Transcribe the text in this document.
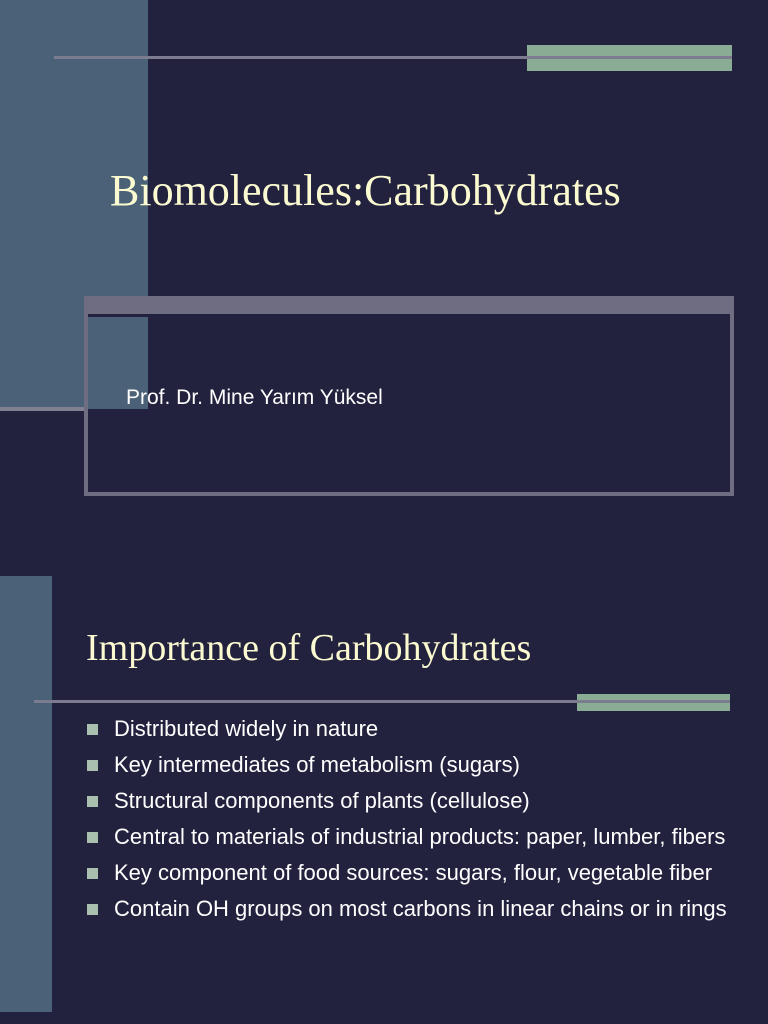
Biomolecules:Carbohydrates
Prof. Dr. Mine Yarım Yüksel
Importance of Carbohydrates
Distributed widely in nature
Key intermediates of metabolism (sugars)
Structural components of plants (cellulose)
Central to materials of industrial products: paper, lumber, fibers
Key component of food sources: sugars, flour, vegetable fiber
Contain OH groups on most carbons in linear chains or in rings
